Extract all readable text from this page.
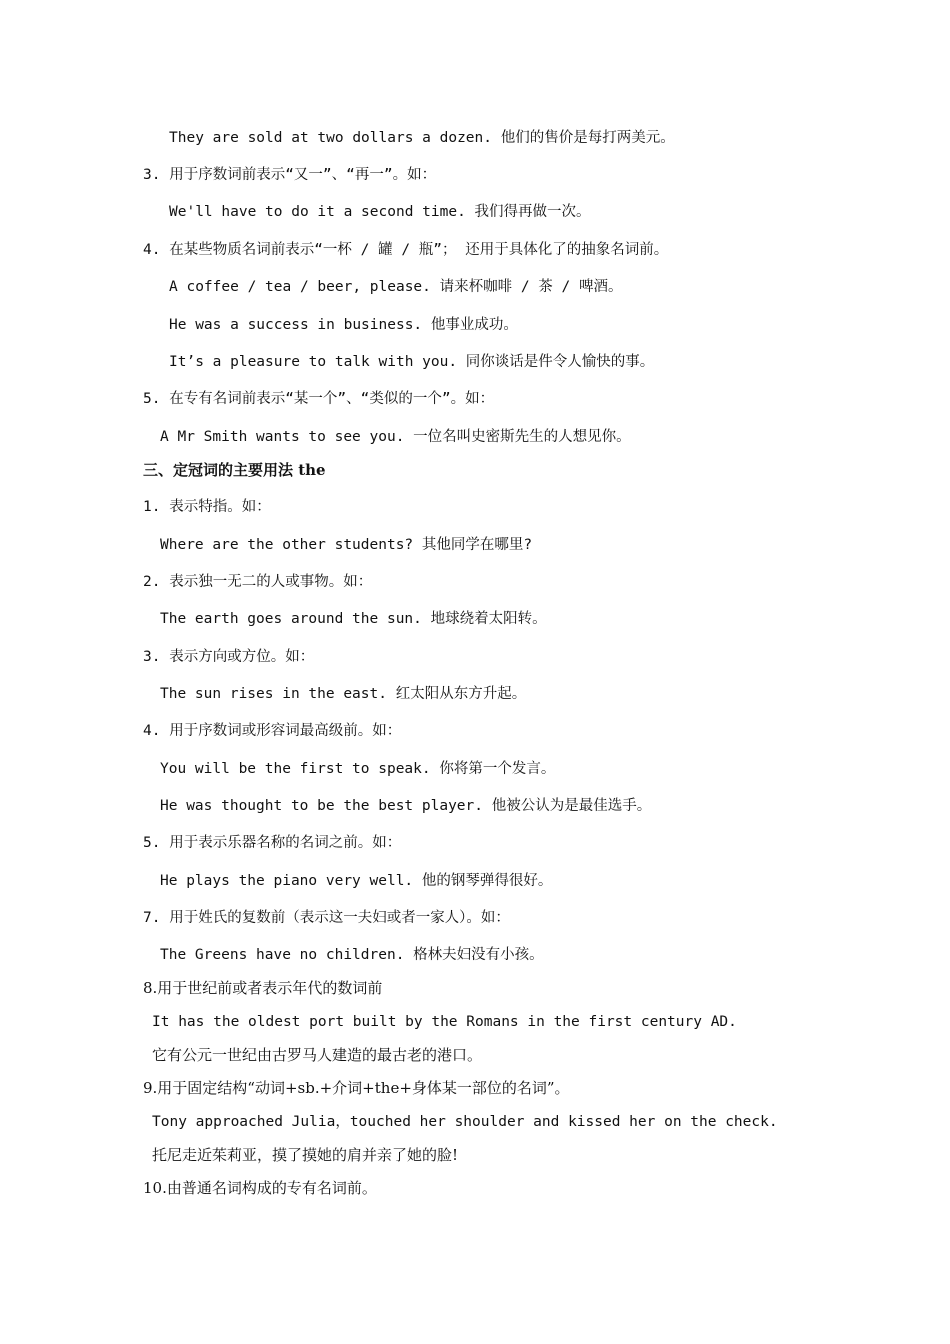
They are sold at two dollars a dozen. 他们的售价是每打两美元。
3. 用于序数词前表示“又一”、“再一”。如：
We'll have to do it a second time. 我们得再做一次。
4. 在某些物质名词前表示“一杯 / 罐 / 瓶”； 还用于具体化了的抽象名词前。
A coffee / tea / beer, please. 请来杯咖啡 / 茶 / 啤酒。
He was a success in business. 他事业成功。
It’s a pleasure to talk with you. 同你谈话是件令人愉快的事。
5. 在专有名词前表示“某一个”、“类似的一个”。如：
A Mr Smith wants to see you. 一位名叫史密斯先生的人想见你。
三、定冠词的主要用法 the
1. 表示特指。如：
Where are the other students? 其他同学在哪里?
2. 表示独一无二的人或事物。如：
The earth goes around the sun. 地球绕着太阳转。
3. 表示方向或方位。如：
The sun rises in the east. 红太阳从东方升起。
4. 用于序数词或形容词最高级前。如：
You will be the first to speak. 你将第一个发言。
He was thought to be the best player. 他被公认为是最佳选手。
5. 用于表示乐器名称的名词之前。如：
He plays the piano very well. 他的钢琴弹得很好。
7. 用于姓氏的复数前（表示这一夫妇或者一家人）。如：
The Greens have no children. 格林夫妇没有小孩。
8.用于世纪前或者表示年代的数词前
It has the oldest port built by the Romans in the first century AD.
它有公元一世纪由古罗马人建造的最古老的港口。
9.用于固定结构“动词+sb.+介词+the+身体某一部位的名词”。
Tony approached Julia，touched her shoulder and kissed her on the check.
托尼走近茱莉亚，摸了摸她的肩并亲了她的脸!
10.由普通名词构成的专有名词前。
